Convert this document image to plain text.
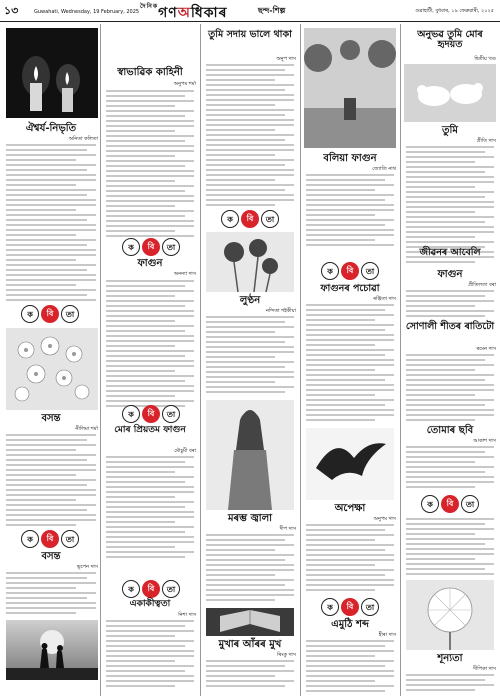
১৩	Guwahati, Wednesday, 19 February, 2025
$^{দৈনিক}$গণঅধিকাৰ	ছন্দ-শিল্প	গুৱাহাটী, বুধবাৰ, ১৯ ফেব্ৰুৱাৰী, ২০২৫
ঐশ্বৰ্য-নিভৃতি
অনিতা কলিতা
ক	বি	তা
বসন্ত
নীলিমা শৰ্মা
ক	বি	তা
বসন্ত
ভূপেন দাস
স্বাভাৱিক কাহিনী
অনুপম শৰ্মা
ক	বি	তা
ফাগুন
অনন্যা দাস
ক	বি	তা
মোৰ প্ৰিয়তম ফাগুন
মৌচুমী বৰা
ক	বি	তা
একাকীত্বতা
নিশা দাস
তুমি সদায় ভালে থাকা
অনুপ দাস
ক	বি	তা
লুণ্ঠন
নন্দিতা শইকীয়া
মৰম্ভ জ্বালা
দীপ দাস
মুখাৰ আঁৰৰ মুখ
ৰিংকু দাস
বলিয়া ফাগুন
জ্যোতি নাথ
ক	বি	তা
ফাগুনৰ পচোৱা
ৰঞ্জিতা দাস
অপেক্ষা
অনুপম দাস
ক	বি	তা
এমুঠি শব্দ
হীৰা দাস
অনুভৱ তুমি মোৰ হৃদয়ত
দ্বিতীয় খণ্ড
তুমি
প্ৰীতি দাস
ফাগুন
প্ৰীতিলতা বৰা
সোণালী শীতৰ ৰাতিটো
ৰমেন দাস
তোমাৰ ছবি
আকাশ দাস
ক	বি	তা
শূন্যতা
দীপিকা দাস
জীৱনৰ আবেলি
